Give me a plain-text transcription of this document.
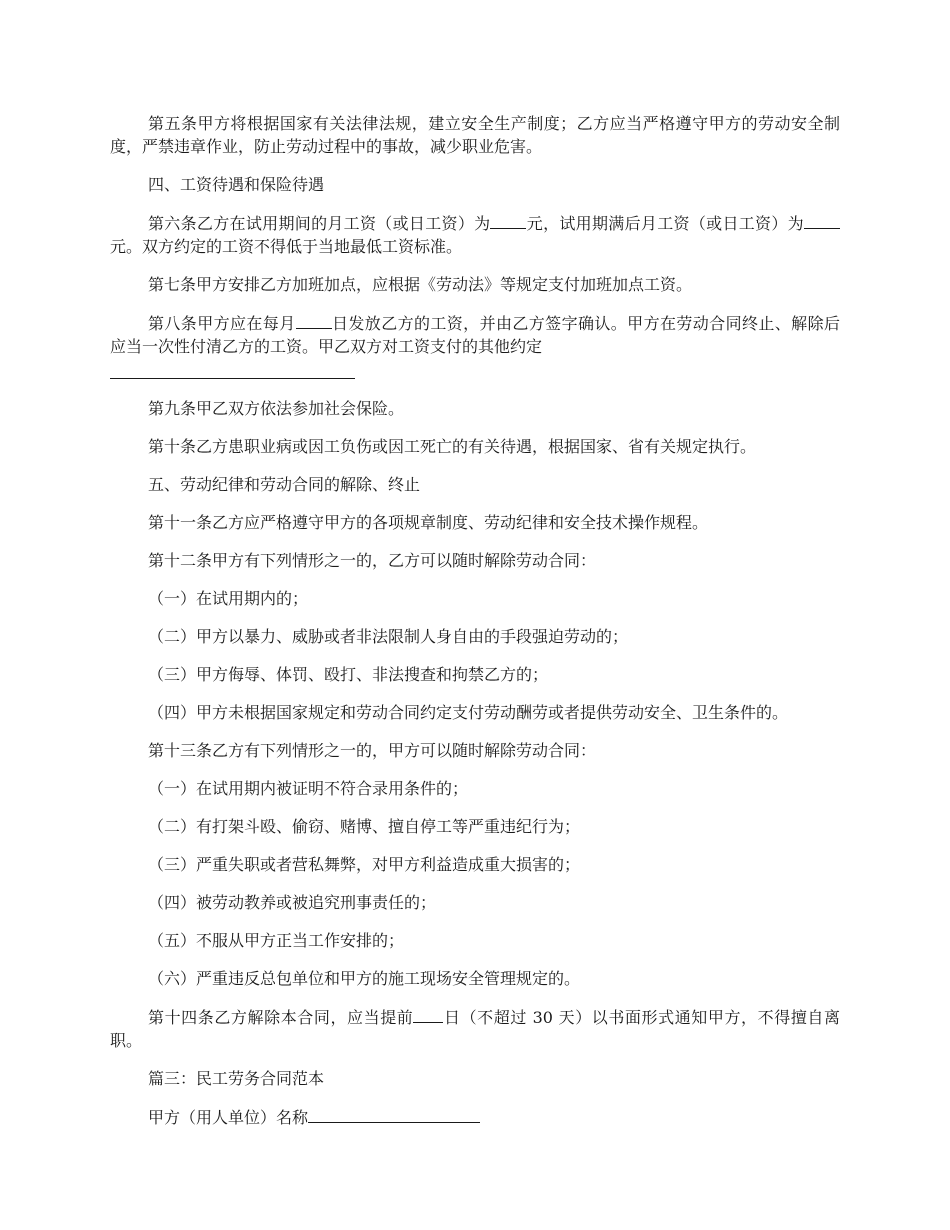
第五条甲方将根据国家有关法律法规，建立安全生产制度；乙方应当严格遵守甲方的劳动安全制度，严禁违章作业，防止劳动过程中的事故，减少职业危害。

四、工资待遇和保险待遇

第六条乙方在试用期间的月工资（或日工资）为 元，试用期满后月工资（或日工资）为元。双方约定的工资不得低于当地最低工资标准。

第七条甲方安排乙方加班加点，应根据《劳动法》等规定支付加班加点工资。

第八条甲方应在每月 日发放乙方的工资，并由乙方签字确认。甲方在劳动合同终止、解除后应当一次性付清乙方的工资。甲乙双方对工资支付的其他约定

第九条甲乙双方依法参加社会保险。

第十条乙方患职业病或因工负伤或因工死亡的有关待遇，根据国家、省有关规定执行。

五、劳动纪律和劳动合同的解除、终止

第十一条乙方应严格遵守甲方的各项规章制度、劳动纪律和安全技术操作规程。

第十二条甲方有下列情形之一的，乙方可以随时解除劳动合同：

（一）在试用期内的；

（二）甲方以暴力、威胁或者非法限制人身自由的手段强迫劳动的；

（三）甲方侮辱、体罚、殴打、非法搜查和拘禁乙方的；

（四）甲方未根据国家规定和劳动合同约定支付劳动酬劳或者提供劳动安全、卫生条件的。

第十三条乙方有下列情形之一的，甲方可以随时解除劳动合同：

（一）在试用期内被证明不符合录用条件的；

（二）有打架斗殴、偷窃、赌博、擅自停工等严重违纪行为；

（三）严重失职或者营私舞弊，对甲方利益造成重大损害的；

（四）被劳动教养或被追究刑事责任的；

（五）不服从甲方正当工作安排的；

（六）严重违反总包单位和甲方的施工现场安全管理规定的。

第十四条乙方解除本合同，应当提前 日（不超过 30 天）以书面形式通知甲方，不得擅自离职。

篇三：民工劳务合同范本

甲方（用人单位）名称
